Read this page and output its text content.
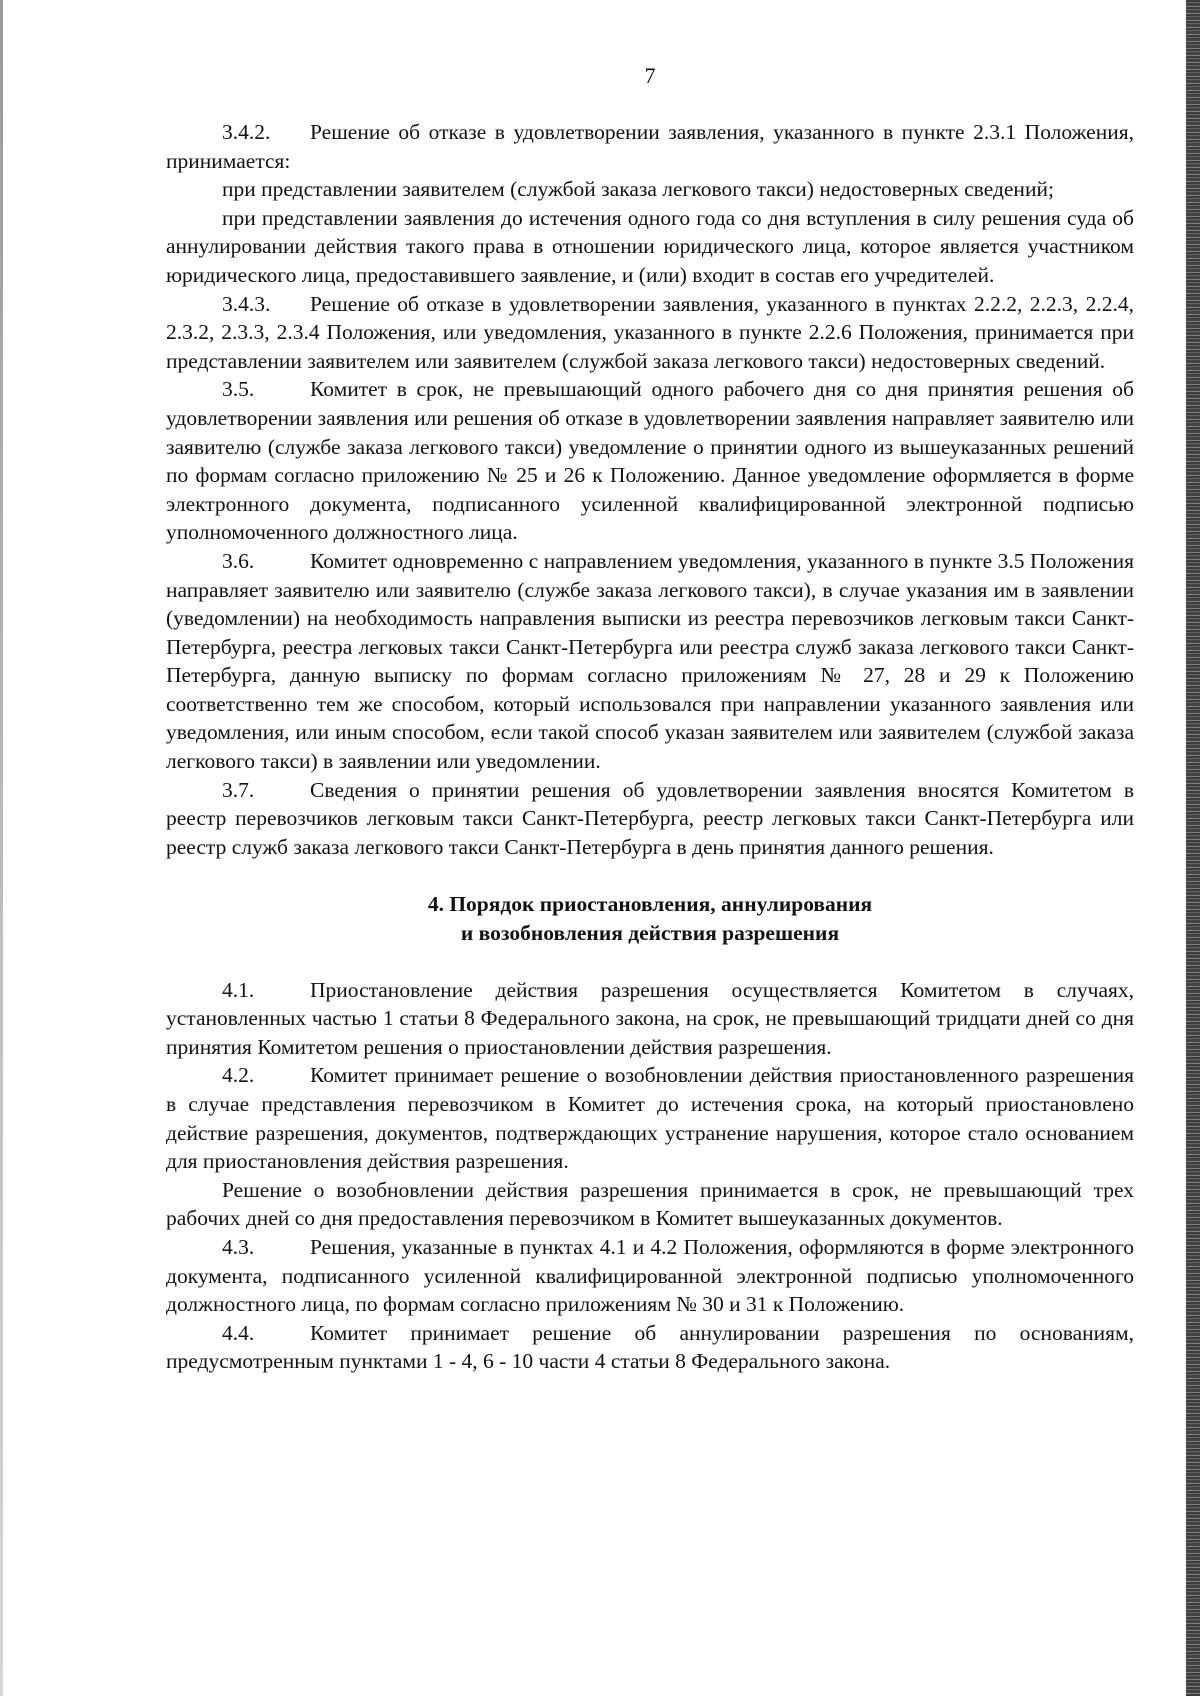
7

3.4.2. Решение об отказе в удовлетворении заявления, указанного в пункте 2.3.1 Положения, принимается:

при представлении заявителем (службой заказа легкового такси) недостоверных сведений;

при представлении заявления до истечения одного года со дня вступления в силу решения суда об аннулировании действия такого права в отношении юридического лица, которое является участником юридического лица, предоставившего заявление, и (или) входит в состав его учредителей.

3.4.3. Решение об отказе в удовлетворении заявления, указанного в пунктах 2.2.2, 2.2.3, 2.2.4, 2.3.2, 2.3.3, 2.3.4 Положения, или уведомления, указанного в пункте 2.2.6 Положения, принимается при представлении заявителем или заявителем (службой заказа легкового такси) недостоверных сведений.

3.5.	Комитет в срок, не превышающий одного рабочего дня со дня принятия решения об удовлетворении заявления или решения об отказе в удовлетворении заявления направляет заявителю или заявителю (службе заказа легкового такси) уведомление о принятии одного из вышеуказанных решений по формам согласно приложению № 25 и 26 к Положению. Данное уведомление оформляется в форме электронного документа, подписанного усиленной квалифицированной электронной подписью уполномоченного должностного лица.

3.6.	Комитет одновременно с направлением уведомления, указанного в пункте 3.5 Положения направляет заявителю или заявителю (службе заказа легкового такси), в случае указания им в заявлении (уведомлении) на необходимость направления выписки из реестра перевозчиков легковым такси Санкт-Петербурга, реестра легковых такси Санкт-Петербурга или реестра служб заказа легкового такси Санкт-Петербурга, данную выписку по формам согласно приложениям № 27, 28 и 29 к Положению соответственно тем же способом, который использовался при направлении указанного заявления или уведомления, или иным способом, если такой способ указан заявителем или заявителем (службой заказа легкового такси) в заявлении или уведомлении.

3.7.	Сведения о принятии решения об удовлетворении заявления вносятся Комитетом в реестр перевозчиков легковым такси Санкт-Петербурга, реестр легковых такси Санкт-Петербурга или реестр служб заказа легкового такси Санкт-Петербурга в день принятия данного решения.

4. Порядок приостановления, аннулирования
и возобновления действия разрешения

4.1.	Приостановление действия разрешения осуществляется Комитетом в случаях, установленных частью 1 статьи 8 Федерального закона, на срок, не превышающий тридцати дней со дня принятия Комитетом решения о приостановлении действия разрешения.

4.2.	Комитет принимает решение о возобновлении действия приостановленного разрешения в случае представления перевозчиком в Комитет до истечения срока, на который приостановлено действие разрешения, документов, подтверждающих устранение нарушения, которое стало основанием для приостановления действия разрешения.

Решение о возобновлении действия разрешения принимается в срок, не превышающий трех рабочих дней со дня предоставления перевозчиком в Комитет вышеуказанных документов.

4.3.	Решения, указанные в пунктах 4.1 и 4.2 Положения, оформляются в форме электронного документа, подписанного усиленной квалифицированной электронной подписью уполномоченного должностного лица, по формам согласно приложениям № 30 и 31 к Положению.

4.4.	Комитет принимает решение об аннулировании разрешения по основаниям, предусмотренным пунктами 1 - 4, 6 - 10 части 4 статьи 8 Федерального закона.
